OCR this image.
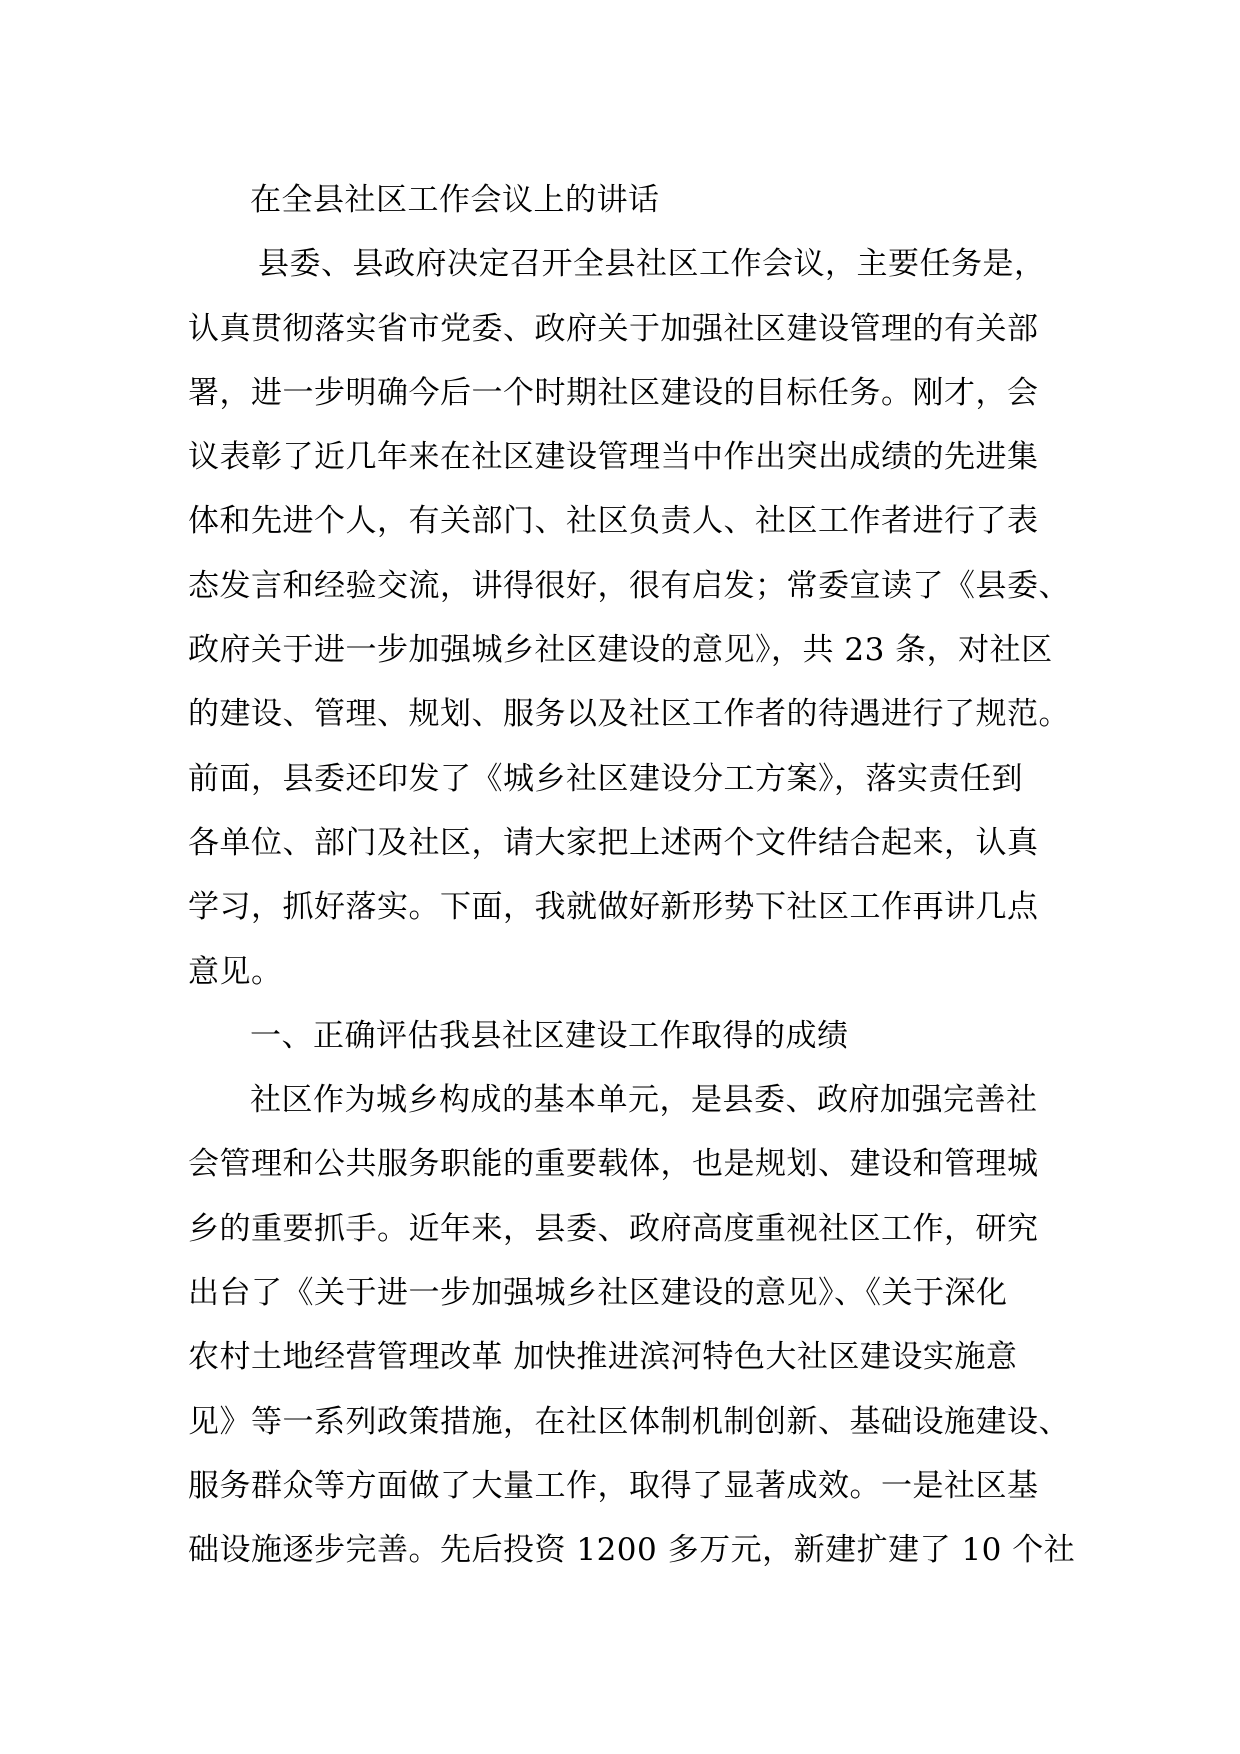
在全县社区工作会议上的讲话
县委、县政府决定召开全县社区工作会议，主要任务是，
认真贯彻落实省市党委、政府关于加强社区建设管理的有关部
署，进一步明确今后一个时期社区建设的目标任务。刚才，会
议表彰了近几年来在社区建设管理当中作出突出成绩的先进集
体和先进个人，有关部门、社区负责人、社区工作者进行了表
态发言和经验交流，讲得很好，很有启发；常委宣读了《县委、
政府关于进一步加强城乡社区建设的意见》，共 23 条，对社区
的建设、管理、规划、服务以及社区工作者的待遇进行了规范。
前面，县委还印发了《城乡社区建设分工方案》，落实责任到
各单位、部门及社区，请大家把上述两个文件结合起来，认真
学习，抓好落实。下面，我就做好新形势下社区工作再讲几点
意见。
一、正确评估我县社区建设工作取得的成绩
社区作为城乡构成的基本单元，是县委、政府加强完善社
会管理和公共服务职能的重要载体，也是规划、建设和管理城
乡的重要抓手。近年来，县委、政府高度重视社区工作，研究
出台了《关于进一步加强城乡社区建设的意见》、《关于深化
农村土地经营管理改革 加快推进滨河特色大社区建设实施意
见》等一系列政策措施，在社区体制机制创新、基础设施建设、
服务群众等方面做了大量工作，取得了显著成效。一是社区基
础设施逐步完善。先后投资 1200 多万元，新建扩建了 10 个社
